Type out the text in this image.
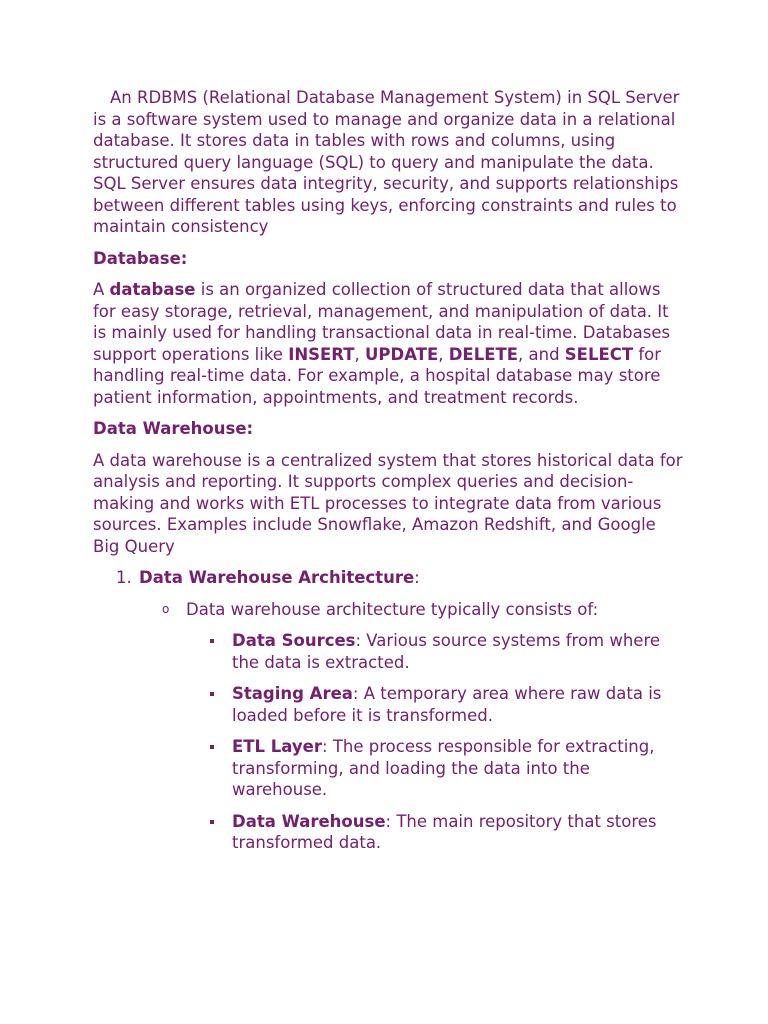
An RDBMS (Relational Database Management System) in SQL Server is a software system used to manage and organize data in a relational database. It stores data in tables with rows and columns, using structured query language (SQL) to query and manipulate the data. SQL Server ensures data integrity, security, and supports relationships between different tables using keys, enforcing constraints and rules to maintain consistency

Database:

A database is an organized collection of structured data that allows for easy storage, retrieval, management, and manipulation of data. It is mainly used for handling transactional data in real-time. Databases support operations like INSERT, UPDATE, DELETE, and SELECT for handling real-time data. For example, a hospital database may store patient information, appointments, and treatment records.

Data Warehouse:

A data warehouse is a centralized system that stores historical data for analysis and reporting. It supports complex queries and decision-making and works with ETL processes to integrate data from various sources. Examples include Snowflake, Amazon Redshift, and Google Big Query

1. Data Warehouse Architecture:
o Data warehouse architecture typically consists of:
Data Sources: Various source systems from where the data is extracted.
Staging Area: A temporary area where raw data is loaded before it is transformed.
ETL Layer: The process responsible for extracting, transforming, and loading the data into the warehouse.
Data Warehouse: The main repository that stores transformed data.
